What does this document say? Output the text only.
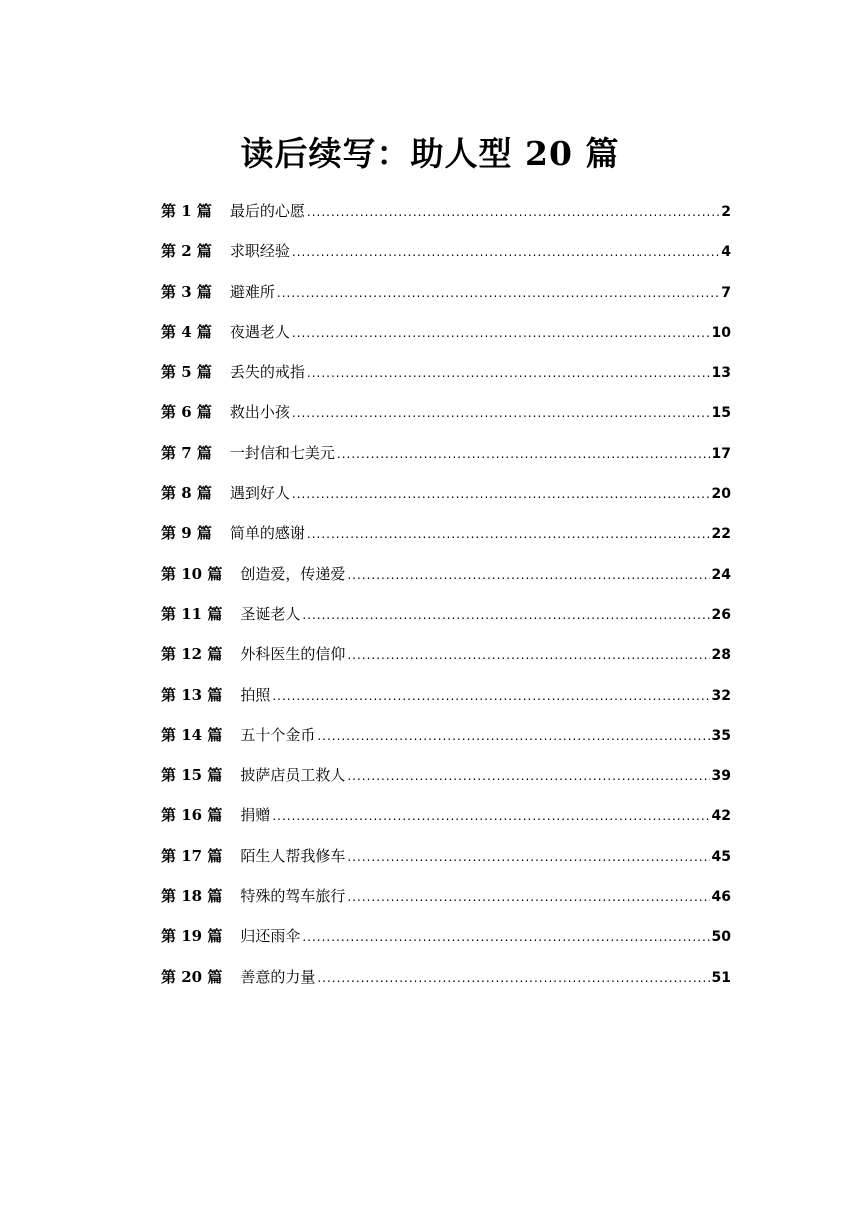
读后续写：助人型 20 篇
第 1 篇 最后的心愿 .....	2
第 2 篇 求职经验 .....	4
第 3 篇 避难所 .....	7
第 4 篇 夜遇老人 .....	10
第 5 篇 丢失的戒指 .....	13
第 6 篇 救出小孩 .....	15
第 7 篇 一封信和七美元 .....	17
第 8 篇 遇到好人 .....	20
第 9 篇 简单的感谢 .....	22
第 10 篇 创造爱，传递爱 .....	24
第 11 篇 圣诞老人 .....	26
第 12 篇 外科医生的信仰 .....	28
第 13 篇 拍照 .....	32
第 14 篇 五十个金币 .....	35
第 15 篇 披萨店员工救人 .....	39
第 16 篇 捐赠 .....	42
第 17 篇 陌生人帮我修车 .....	45
第 18 篇 特殊的驾车旅行 .....	46
第 19 篇 归还雨伞 .....	50
第 20 篇 善意的力量 .....	51
